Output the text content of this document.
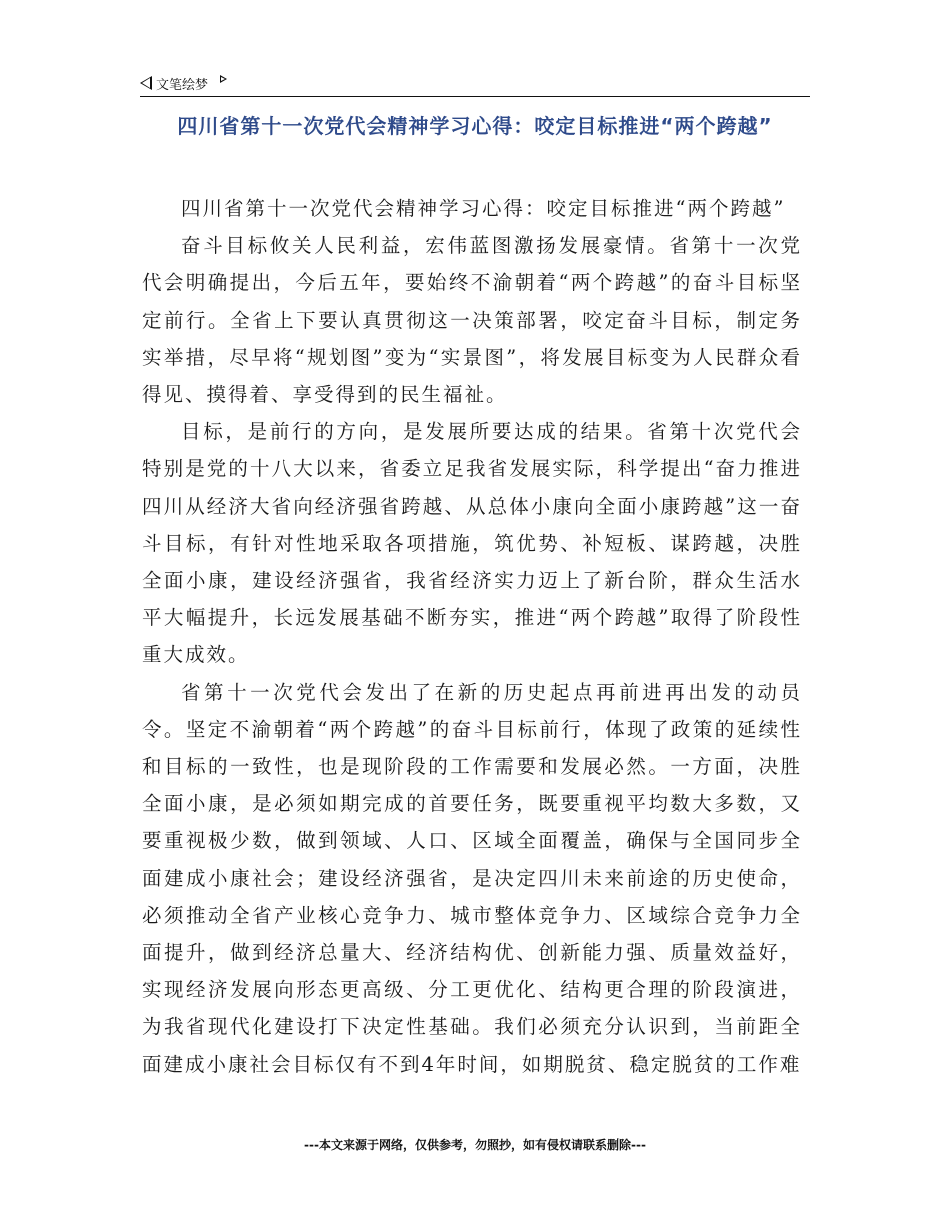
文笔绘梦
四川省第十一次党代会精神学习心得：咬定目标推进“两个跨越”

四川省第十一次党代会精神学习心得：咬定目标推进“两个跨越”

奋斗目标攸关人民利益，宏伟蓝图激扬发展豪情。省第十一次党代会明确提出，今后五年，要始终不渝朝着“两个跨越”的奋斗目标坚定前行。全省上下要认真贯彻这一决策部署，咬定奋斗目标，制定务实举措，尽早将“规划图”变为“实景图”，将发展目标变为人民群众看得见、摸得着、享受得到的民生福祉。

目标，是前行的方向，是发展所要达成的结果。省第十次党代会特别是党的十八大以来，省委立足我省发展实际，科学提出“奋力推进四川从经济大省向经济强省跨越、从总体小康向全面小康跨越”这一奋斗目标，有针对性地采取各项措施，筑优势、补短板、谋跨越，决胜全面小康，建设经济强省，我省经济实力迈上了新台阶，群众生活水平大幅提升，长远发展基础不断夯实，推进“两个跨越”取得了阶段性重大成效。

省第十一次党代会发出了在新的历史起点再前进再出发的动员令。坚定不渝朝着“两个跨越”的奋斗目标前行，体现了政策的延续性和目标的一致性，也是现阶段的工作需要和发展必然。一方面，决胜全面小康，是必须如期完成的首要任务，既要重视平均数大多数，又要重视极少数，做到领域、人口、区域全面覆盖，确保与全国同步全面建成小康社会；建设经济强省，是决定四川未来前途的历史使命，必须推动全省产业核心竞争力、城市整体竞争力、区域综合竞争力全面提升，做到经济总量大、经济结构优、创新能力强、质量效益好，实现经济发展向形态更高级、分工更优化、结构更合理的阶段演进，为我省现代化建设打下决定性基础。我们必须充分认识到，当前距全面建成小康社会目标仅有不到4年时间，如期脱贫、稳定脱贫的工作难

---本文来源于网络，仅供参考，勿照抄，如有侵权请联系删除---
